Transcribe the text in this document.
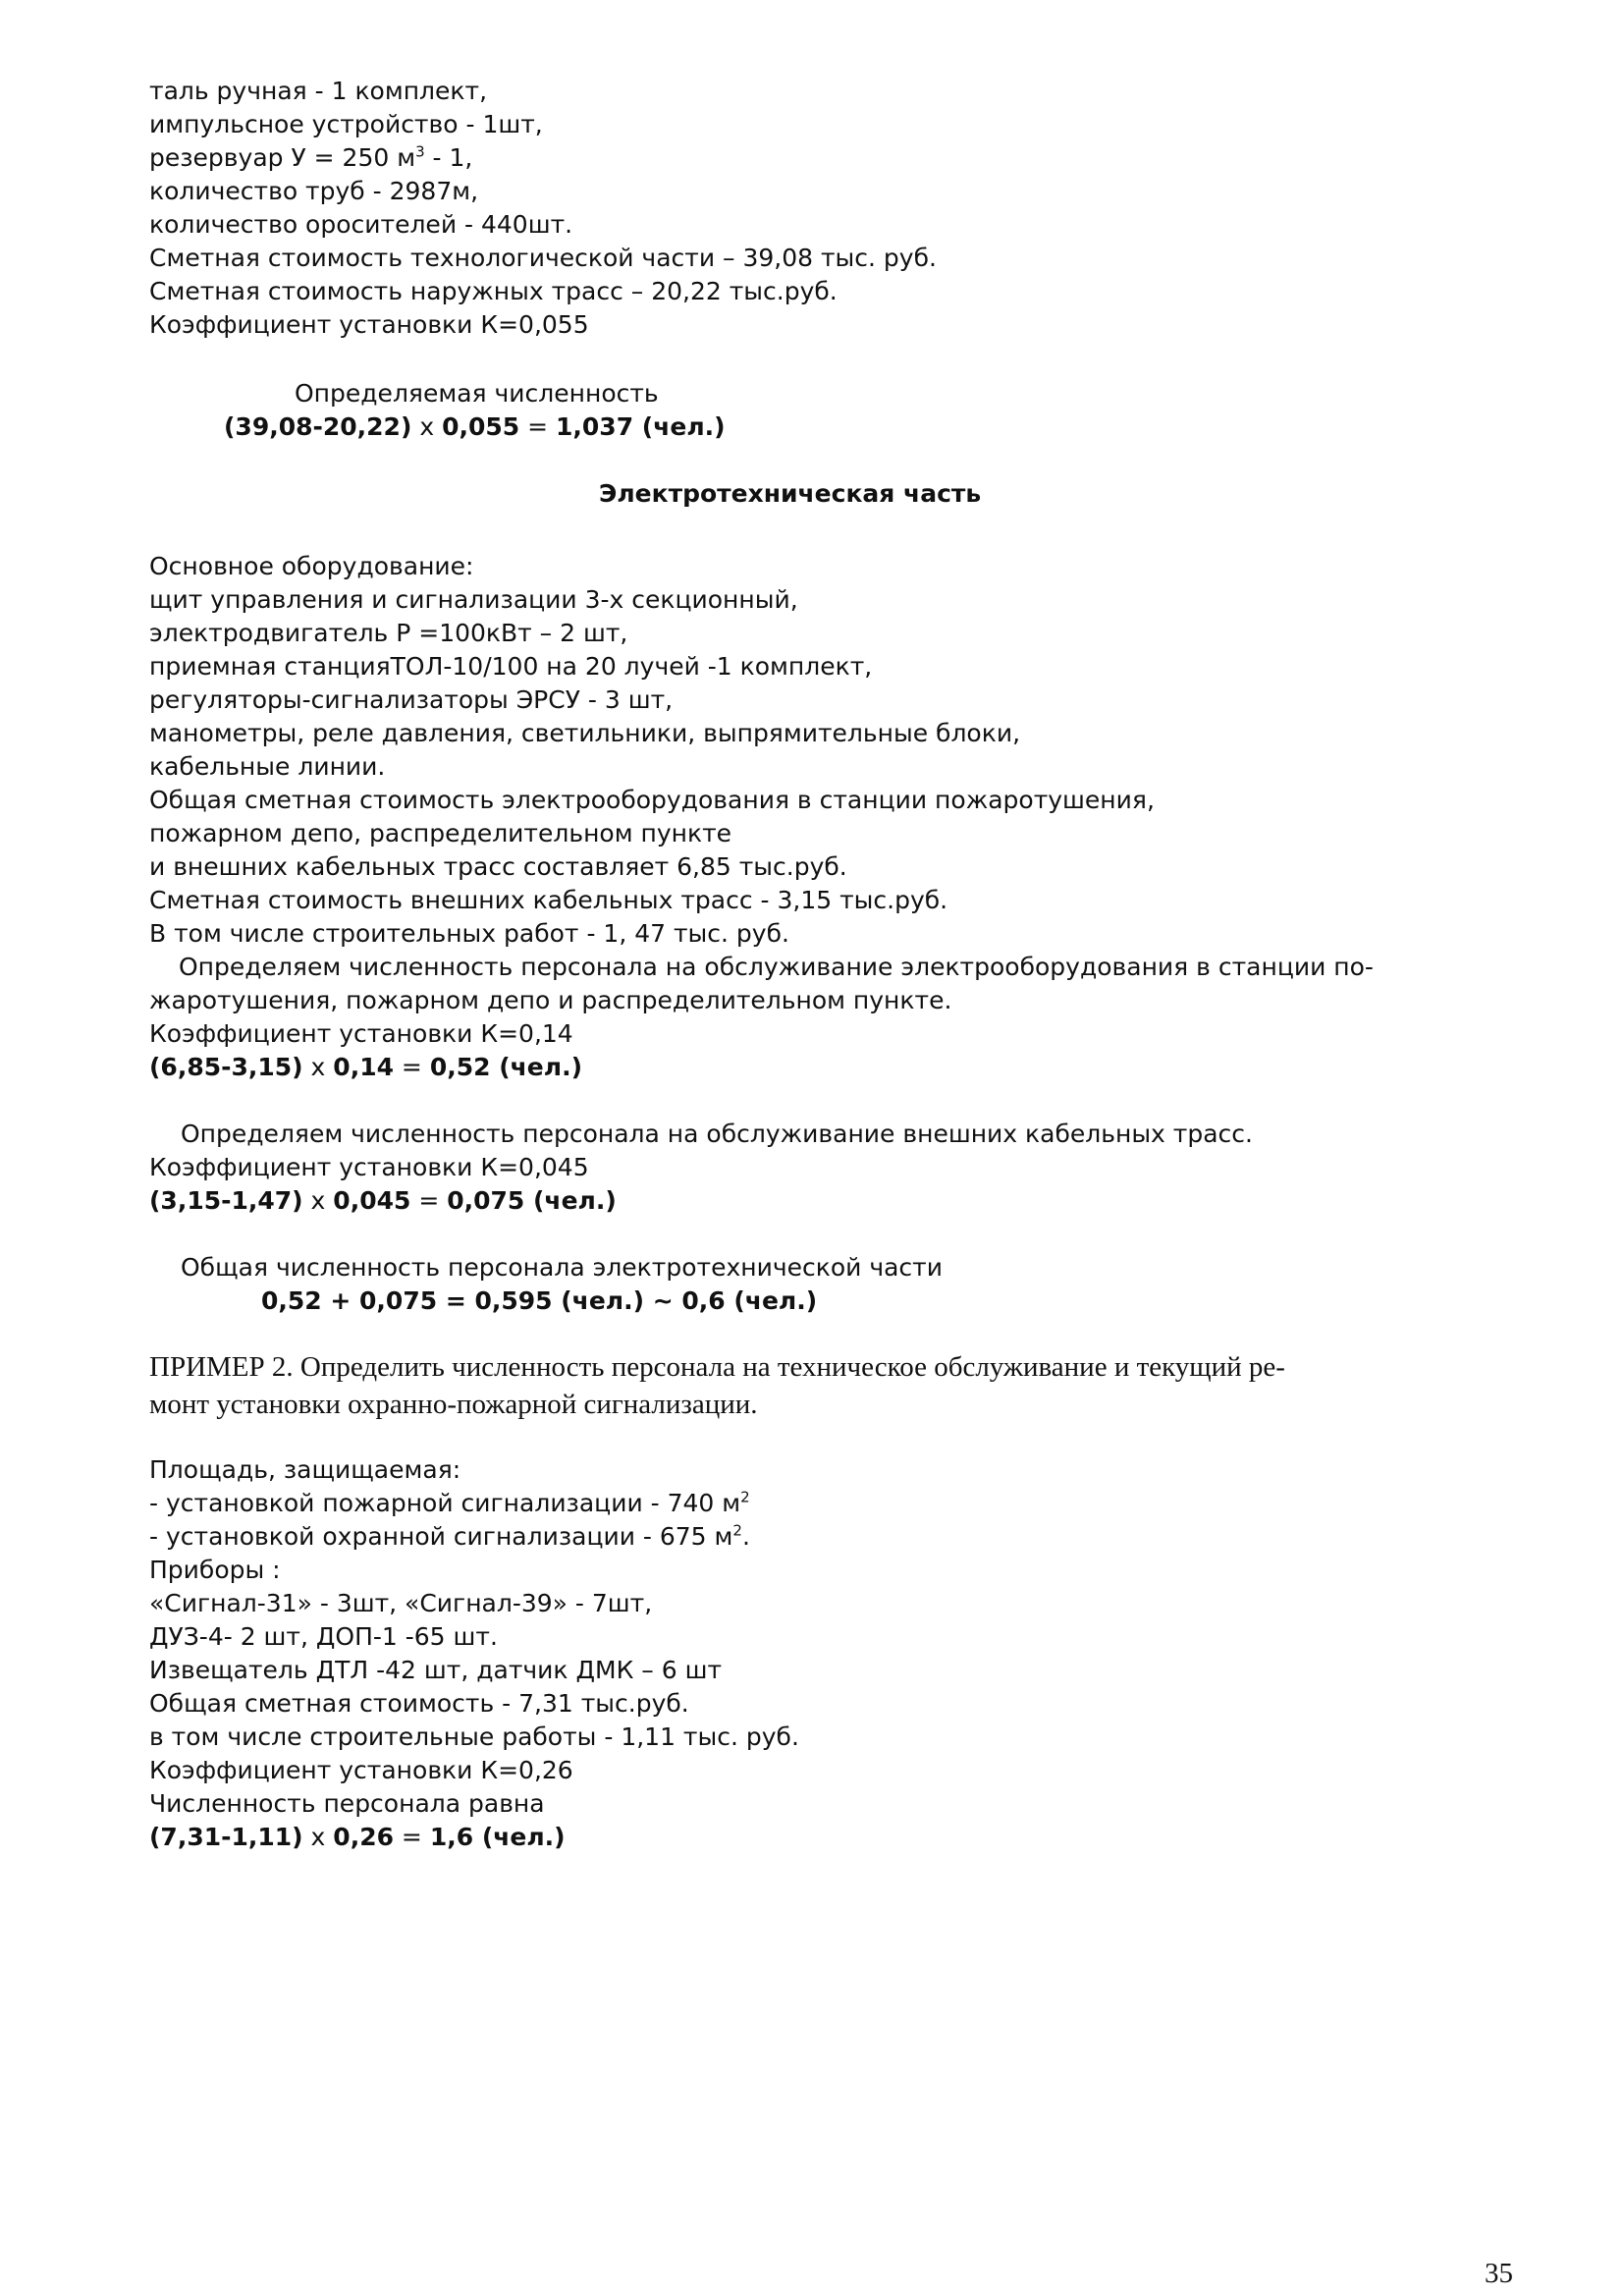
таль ручная - 1 комплект,
импульсное устройство - 1шт,
резервуар У = 250 $м^3 - 1$,
количество труб - 2987м,
количество оросителей - 440шт.
Сметная стоимость технологической части – 39,08 тыс. руб.
Сметная стоимость наружных трасс – 20,22 тыс.руб.
Коэффициент установки К=0,055
Определяемая численность
(39,08-20,22) х 0,055 = 1,037 (чел.)
Электротехническая часть
Основное оборудование:
щит управления и сигнализации 3-х секционный,
электродвигатель Р =100кВт – 2 шт,
приемная станцияТОЛ-10/100 на 20 лучей -1 комплект,
регуляторы-сигнализаторы ЭРСУ - 3 шт,
манометры, реле давления, светильники, выпрямительные блоки,
кабельные линии.
Общая сметная стоимость электрооборудования в станции пожаротушения,
пожарном депо, распределительном пункте
и внешних кабельных трасс составляет 6,85 тыс.руб.
Сметная стоимость внешних кабельных трасс - 3,15 тыс.руб.
В том числе строительных работ - 1, 47 тыс. руб.
Определяем численность персонала на обслуживание электрооборудования в станции по-
жаротушения, пожарном депо и распределительном пункте.
Коэффициент установки К=0,14
(6,85-3,15) х 0,14 = 0,52 (чел.)
Определяем численность персонала на обслуживание внешних кабельных трасс.
Коэффициент установки К=0,045
(3,15-1,47) х 0,045 = 0,075 (чел.)
Общая численность персонала электротехнической части
0,52 + 0,075 = 0,595 (чел.) ~ 0,6 (чел.)
ПРИМЕР 2. Определить численность персонала на техническое обслуживание и текущий ре-
монт установки охранно-пожарной сигнализации.
Площадь, защищаемая:
- установкой пожарной сигнализации - 740 $м^2$
- установкой охранной сигнализации - 675 $м^2$.
Приборы :
«Сигнал-31» - 3шт, «Сигнал-39» - 7шт,
ДУЗ-4- 2 шт, ДОП-1 -65 шт.
Извещатель ДТЛ -42 шт, датчик ДМК – 6 шт
Общая сметная стоимость - 7,31 тыс.руб.
в том числе строительные работы - 1,11 тыс. руб.
Коэффициент установки К=0,26
Численность персонала равна
(7,31-1,11) х 0,26 = 1,6 (чел.)
35
